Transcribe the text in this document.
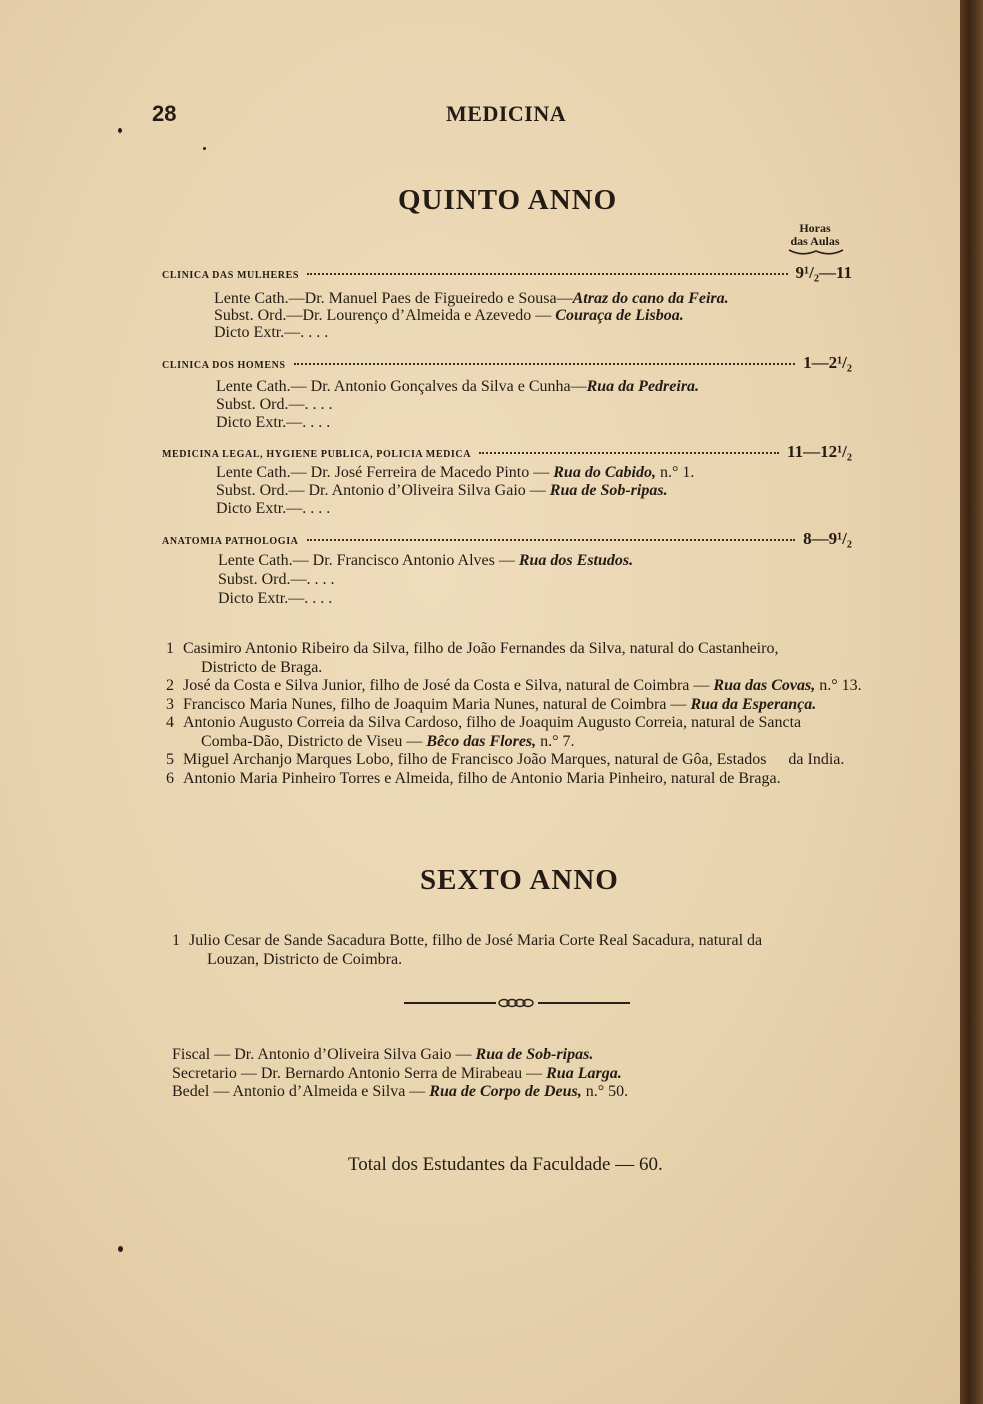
28	MEDICINA
QUINTO ANNO
Horas
das Aulas
CLINICA DAS MULHERES	9¹/₂—11
Lente Cath.—Dr. Manuel Paes de Figueiredo e Sousa—Atraz do cano da Feira.
Subst. Ord.—Dr. Lourenço d’Almeida e Azevedo — Couraça de Lisboa.
Dicto Extr.—. . . .
CLINICA DOS HOMENS	1—2¹/₂
Lente Cath.— Dr. Antonio Gonçalves da Silva e Cunha—Rua da Pedreira.
Subst. Ord.—. . . .
Dicto Extr.—. . . .
MEDICINA LEGAL, HYGIENE PUBLICA, POLICIA MEDICA	11—12¹/₂
Lente Cath.— Dr. José Ferreira de Macedo Pinto — Rua do Cabido, n.° 1.
Subst. Ord.— Dr. Antonio d’Oliveira Silva Gaio — Rua de Sob-ripas.
Dicto Extr.—. . . .
ANATOMIA PATHOLOGIA	8—9¹/₂
Lente Cath.— Dr. Francisco Antonio Alves — Rua dos Estudos.
Subst. Ord.—. . . .
Dicto Extr.—. . . .
1 Casimiro Antonio Ribeiro da Silva, filho de João Fernandes da Silva, natural do Castanheiro, Districto de Braga.
2 José da Costa e Silva Junior, filho de José da Costa e Silva, natural de Coimbra — Rua das Covas, n.° 13.
3 Francisco Maria Nunes, filho de Joaquim Maria Nunes, natural de Coimbra — Rua da Esperança.
4 Antonio Augusto Correia da Silva Cardoso, filho de Joaquim Augusto Correia, natural de Sancta Comba-Dão, Districto de Viseu — Bêco das Flores, n.° 7.
5 Miguel Archanjo Marques Lobo, filho de Francisco João Marques, natural de Gôa, Estados da India.
6 Antonio Maria Pinheiro Torres e Almeida, filho de Antonio Maria Pinheiro, natural de Braga.
SEXTO ANNO
1 Julio Cesar de Sande Sacadura Botte, filho de José Maria Corte Real Sacadura, natural da Louzan, Districto de Coimbra.
Fiscal — Dr. Antonio d’Oliveira Silva Gaio — Rua de Sob-ripas.
Secretario — Dr. Bernardo Antonio Serra de Mirabeau — Rua Larga.
Bedel — Antonio d’Almeida e Silva — Rua de Corpo de Deus, n.° 50.
Total dos Estudantes da Faculdade — 60.
